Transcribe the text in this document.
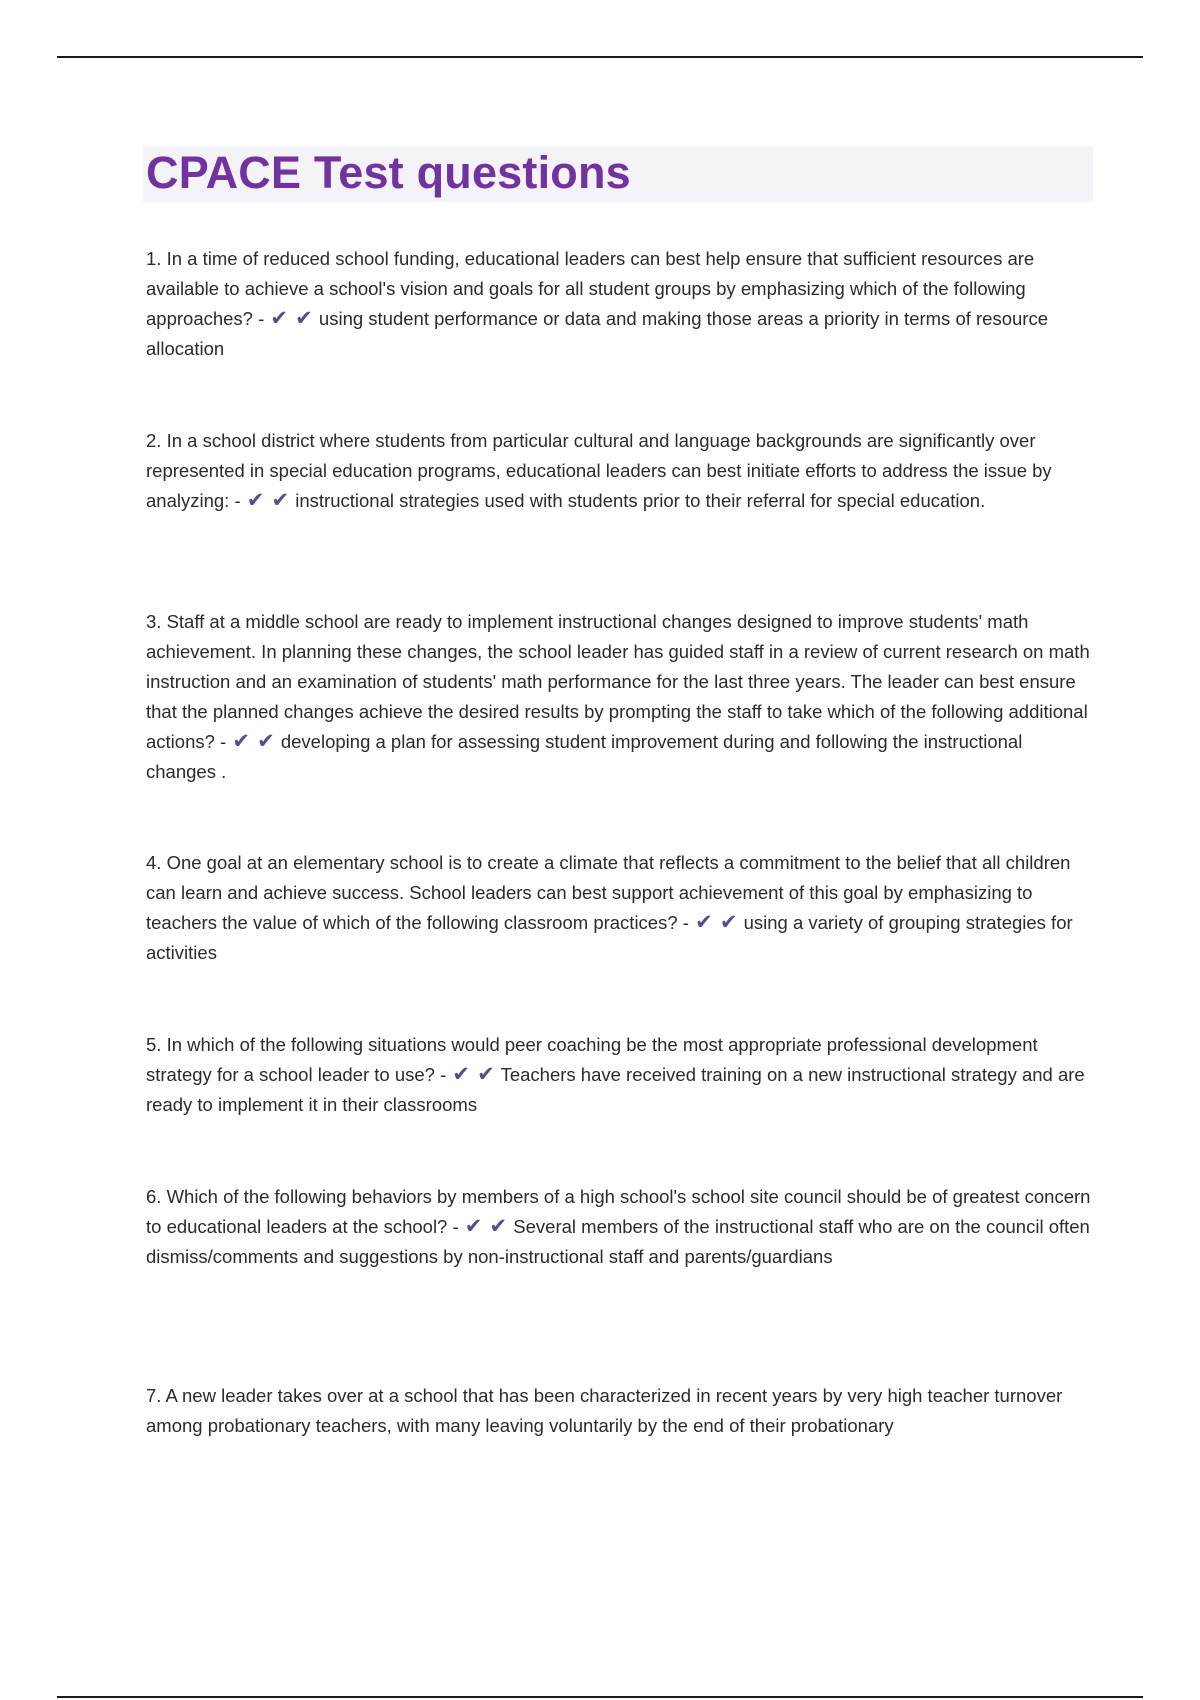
CPACE Test questions

1. In a time of reduced school funding, educational leaders can best help ensure that sufficient resources are available to achieve a school's vision and goals for all student groups by emphasizing which of the following approaches? - ✔ ✔ using student performance or data and making those areas a priority in terms of resource allocation

2. In a school district where students from particular cultural and language backgrounds are significantly over represented in special education programs, educational leaders can best initiate efforts to address the issue by analyzing: - ✔ ✔ instructional strategies used with students prior to their referral for special education.

3. Staff at a middle school are ready to implement instructional changes designed to improve students' math achievement. In planning these changes, the school leader has guided staff in a review of current research on math instruction and an examination of students' math performance for the last three years. The leader can best ensure that the planned changes achieve the desired results by prompting the staff to take which of the following additional actions? - ✔ ✔ developing a plan for assessing student improvement during and following the instructional changes .

4. One goal at an elementary school is to create a climate that reflects a commitment to the belief that all children can learn and achieve success. School leaders can best support achievement of this goal by emphasizing to teachers the value of which of the following classroom practices? - ✔ ✔ using a variety of grouping strategies for activities

5. In which of the following situations would peer coaching be the most appropriate professional development strategy for a school leader to use? - ✔ ✔ Teachers have received training on a new instructional strategy and are ready to implement it in their classrooms

6. Which of the following behaviors by members of a high school's school site council should be of greatest concern to educational leaders at the school? - ✔ ✔ Several members of the instructional staff who are on the council often dismiss/comments and suggestions by non-instructional staff and parents/guardians

7. A new leader takes over at a school that has been characterized in recent years by very high teacher turnover among probationary teachers, with many leaving voluntarily by the end of their probationary
